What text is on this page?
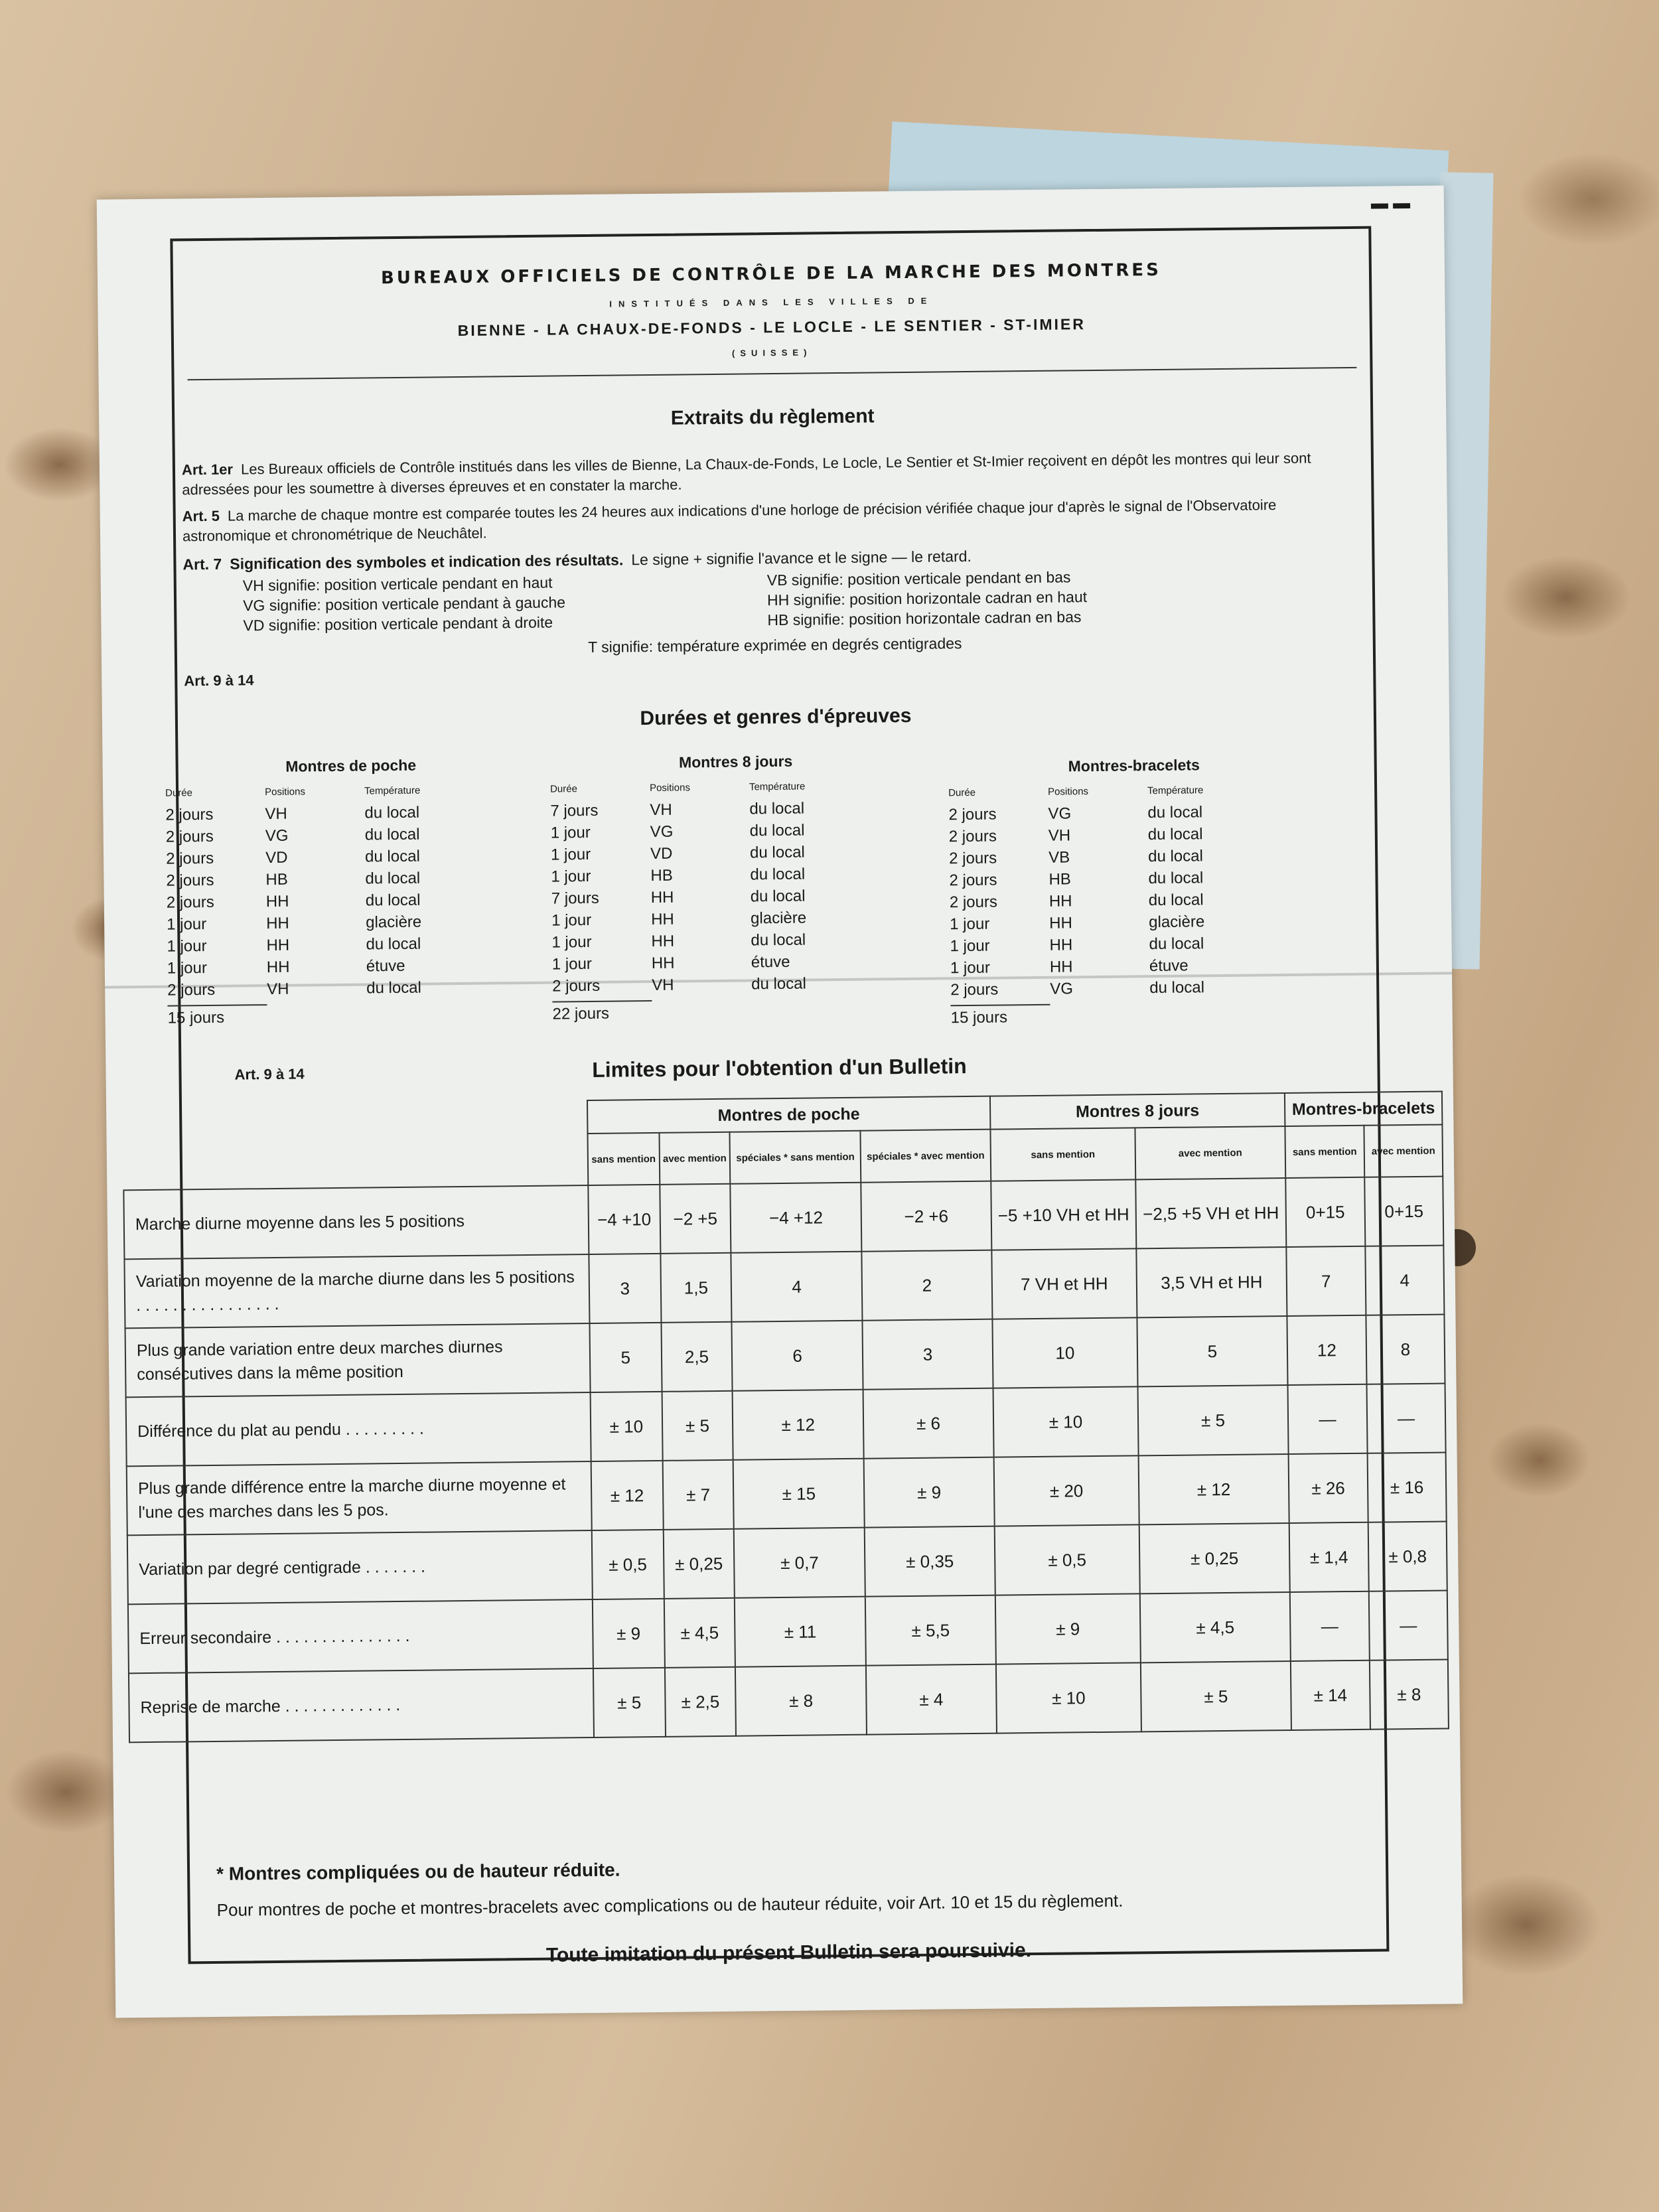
▬ ▬
BUREAUX OFFICIELS DE CONTRÔLE DE LA MARCHE DES MONTRES
INSTITUÉS DANS LES VILLES DE
BIENNE - LA CHAUX-DE-FONDS - LE LOCLE - LE SENTIER - ST-IMIER
(SUISSE)
Extraits du règlement
Art. 1er Les Bureaux officiels de Contrôle institués dans les villes de Bienne, La Chaux-de-Fonds, Le Locle, Le Sentier et St-Imier reçoivent en dépôt les montres qui leur sont adressées pour les soumettre à diverses épreuves et en constater la marche.
Art. 5 La marche de chaque montre est comparée toutes les 24 heures aux indications d'une horloge de précision vérifiée chaque jour d'après le signal de l'Observatoire astronomique et chronométrique de Neuchâtel.
Art. 7 Signification des symboles et indication des résultats. Le signe + signifie l'avance et le signe — le retard.
VH signifie: position verticale pendant en haut	VB signifie: position verticale pendant en bas
VG signifie: position verticale pendant à gauche	HH signifie: position horizontale cadran en haut
VD signifie: position verticale pendant à droite	HB signifie: position horizontale cadran en bas
T signifie: température exprimée en degrés centigrades
Art. 9 à 14
Durées et genres d'épreuves
Montres de poche
Durée	Positions	Température
2 jours	VH	du local
2 jours	VG	du local
2 jours	VD	du local
2 jours	HB	du local
2 jours	HH	du local
1 jour	HH	glacière
1 jour	HH	du local
1 jour	HH	étuve
2 jours	VH	du local
15 jours
Montres 8 jours
Durée	Positions	Température
7 jours	VH	du local
1 jour	VG	du local
1 jour	VD	du local
1 jour	HB	du local
7 jours	HH	du local
1 jour	HH	glacière
1 jour	HH	du local
1 jour	HH	étuve
2 jours	VH	du local
22 jours
Montres-bracelets
Durée	Positions	Température
2 jours	VG	du local
2 jours	VH	du local
2 jours	VB	du local
2 jours	HB	du local
2 jours	HH	du local
1 jour	HH	glacière
1 jour	HH	du local
1 jour	HH	étuve
2 jours	VG	du local
15 jours
Art. 9 à 14	Limites pour l'obtention d'un Bulletin
	Montres de poche				Montres 8 jours		Montres-bracelets	
	sans mention	avec mention	spéciales * sans mention	spéciales * avec mention	sans mention	avec mention	sans mention	avec mention
Marche diurne moyenne dans les 5 positions	−4 +10	−2 +5	−4 +12	−2 +6	−5 +10 VH et HH	−2,5 +5 VH et HH	0+15	0+15
Variation moyenne de la marche diurne dans les 5 positions . . . . . . . . . . . . . . . .	3	1,5	4	2	7 VH et HH	3,5 VH et HH	7	4
Plus grande variation entre deux marches diurnes consécutives dans la même position	5	2,5	6	3	10	5	12	8
Différence du plat au pendu . . . . . . . . .	± 10	± 5	± 12	± 6	± 10	± 5	—	—
Plus grande différence entre la marche diurne moyenne et l'une des marches dans les 5 pos.	± 12	± 7	± 15	± 9	± 20	± 12	± 26	± 16
Variation par degré centigrade . . . . . . .	± 0,5	± 0,25	± 0,7	± 0,35	± 0,5	± 0,25	± 1,4	± 0,8
Erreur secondaire . . . . . . . . . . . . . . .	± 9	± 4,5	± 11	± 5,5	± 9	± 4,5	—	—
Reprise de marche . . . . . . . . . . . . .	± 5	± 2,5	± 8	± 4	± 10	± 5	± 14	± 8
* Montres compliquées ou de hauteur réduite.
Pour montres de poche et montres-bracelets avec complications ou de hauteur réduite, voir Art. 10 et 15 du règlement.
Toute imitation du présent Bulletin sera poursuivie.
